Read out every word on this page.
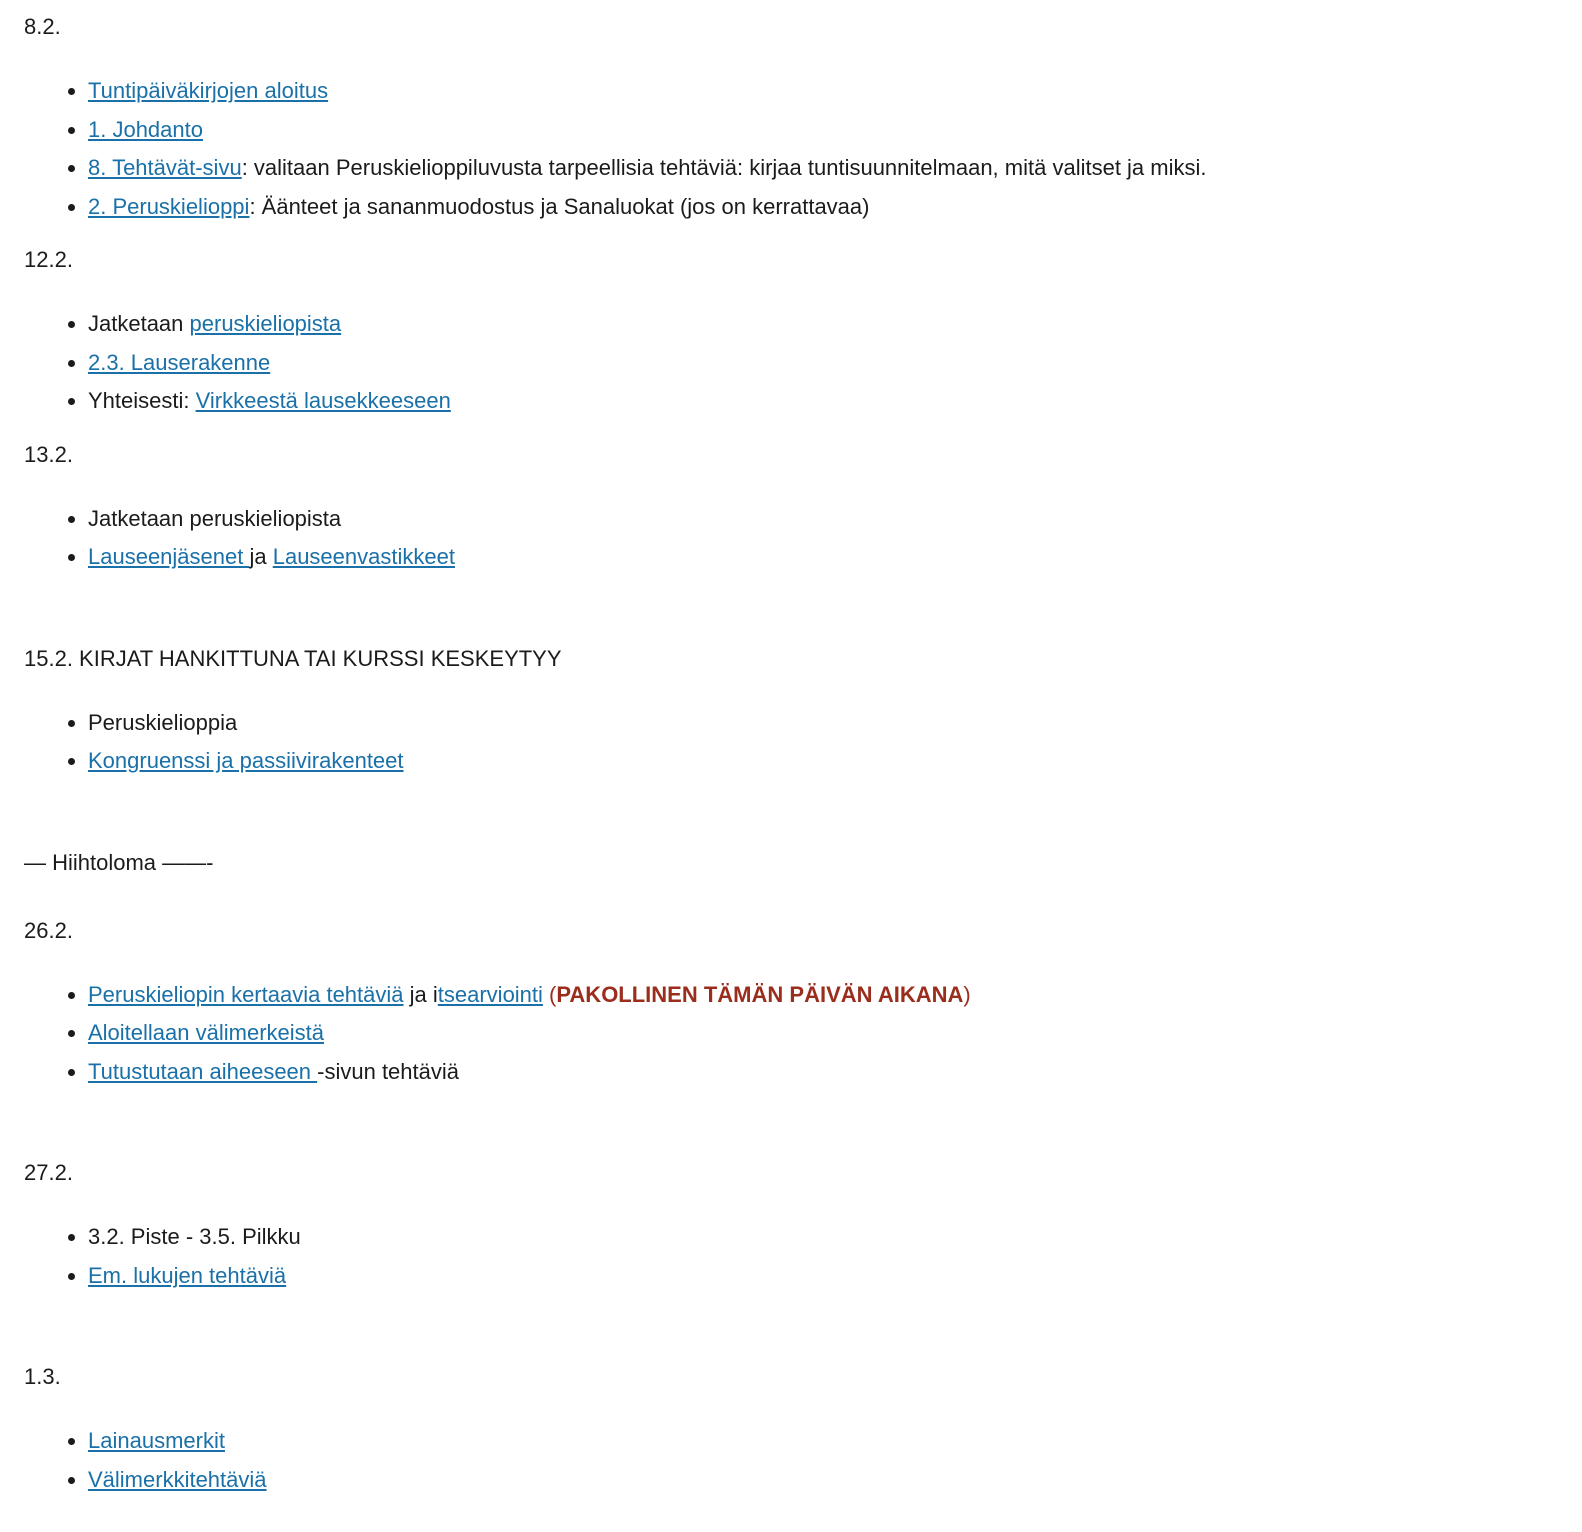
8.2.

• Tuntipäiväkirjojen aloitus
• 1. Johdanto
• 8. Tehtävät-sivu: valitaan Peruskielioppiluvusta tarpeellisia tehtäviä: kirjaa tuntisuunnitelmaan, mitä valitset ja miksi.
• 2. Peruskielioppi: Äänteet ja sananmuodostus ja Sanaluokat (jos on kerrattavaa)

12.2.

• Jatketaan peruskieliopista
• 2.3. Lauserakenne
• Yhteisesti: Virkkeestä lausekkeeseen

13.2.

• Jatketaan peruskieliopista
• Lauseenjäsenet ja Lauseenvastikkeet

15.2. KIRJAT HANKITTUNA TAI KURSSI KESKEYTYY

• Peruskielioppia
• Kongruenssi ja passiivirakenteet

— Hiihtoloma ——-

26.2.

• Peruskieliopin kertaavia tehtäviä ja itsearviointi (PAKOLLINEN TÄMÄN PÄIVÄN AIKANA)
• Aloitellaan välimerkeistä
• Tutustutaan aiheeseen -sivun tehtäviä

27.2.

• 3.2. Piste - 3.5. Pilkku
• Em. lukujen tehtäviä

1.3.

• Lainausmerkit
• Välimerkkitehtäviä
